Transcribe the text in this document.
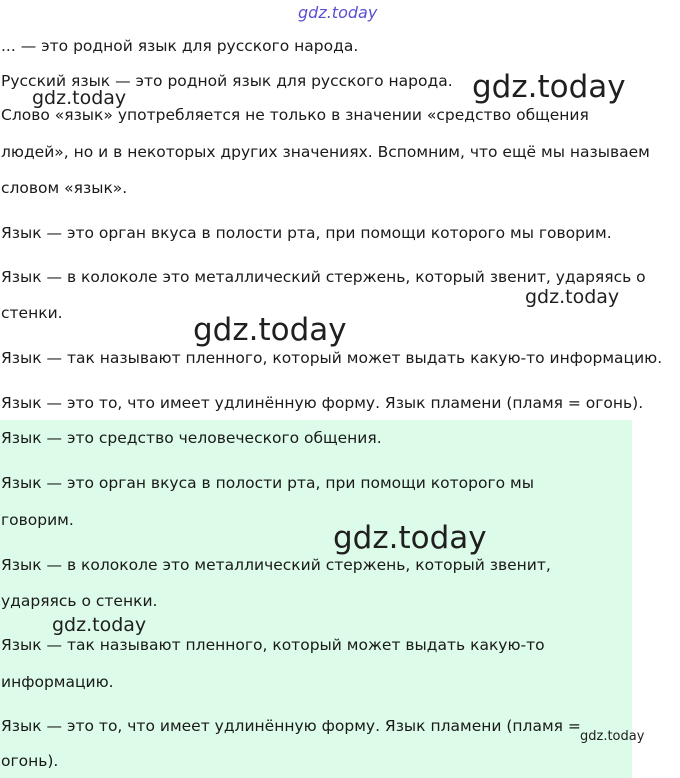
gdz.today

... — это родной язык для русского народа.

Русский язык — это родной язык для русского народа.

Слово «язык» употребляется не только в значении «средство общения

людей», но и в некоторых других значениях. Вспомним, что ещё мы называем

словом «язык».

Язык — это орган вкуса в полости рта, при помощи которого мы говорим.

Язык — в колоколе это металлический стержень, который звенит, ударяясь о

стенки.

Язык — так называют пленного, который может выдать какую-то информацию.

Язык — это то, что имеет удлинённую форму. Язык пламени (пламя = огонь).

Язык — это средство человеческого общения.

Язык — это орган вкуса в полости рта, при помощи которого мы

говорим.

Язык — в колоколе это металлический стержень, который звенит,

ударяясь о стенки.

Язык — так называют пленного, который может выдать какую-то

информацию.

Язык — это то, что имеет удлинённую форму. Язык пламени (пламя =

огонь).

gdz.today
gdz.today
gdz.today
gdz.today
gdz.today
gdz.today
gdz.today
